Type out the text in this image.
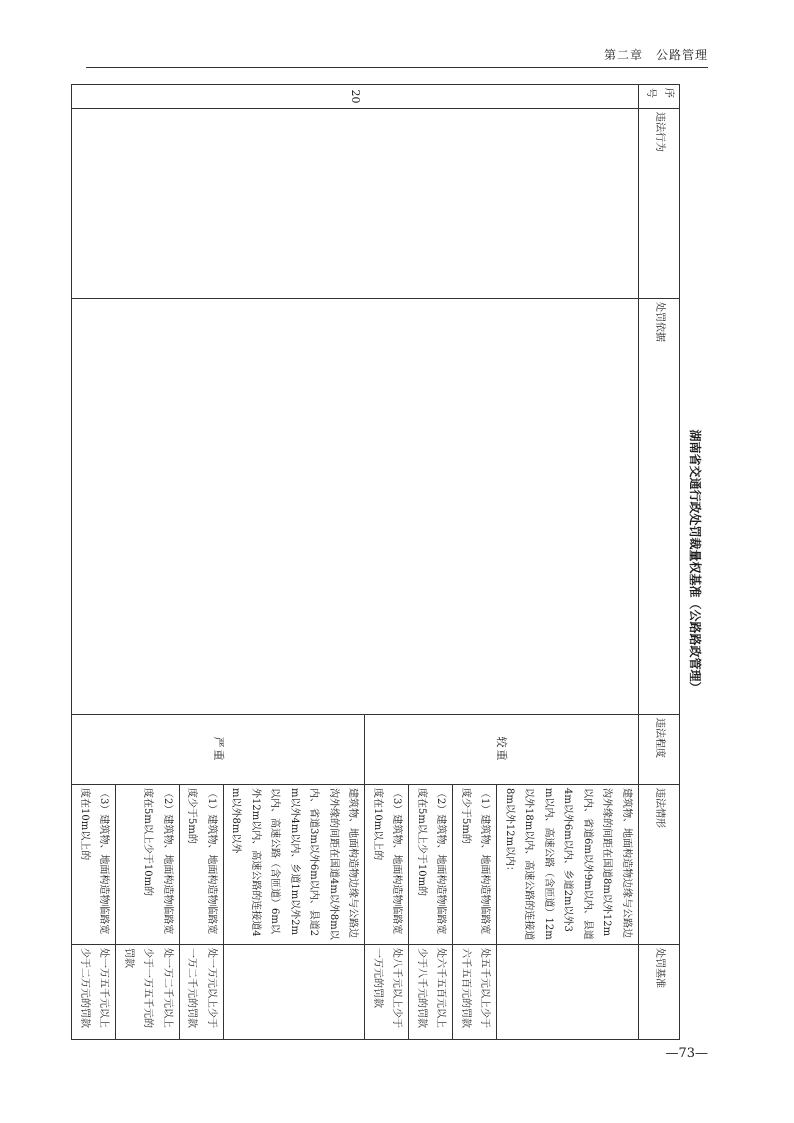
第二章　公路管理
湖南省交通行政处罚裁量权基准（公路路政管理）
序号	违法行为	处罚依据	违法程度	违法情形	处罚基准
20			较重	建筑物、地面构造物边缘与公路边沟外缘的间距在国道8m以外12m以内、省道6m以外9m以内、县道4m以外6m以内、乡道2m以外3m以内、高速公路（含匝道）12m以外18m以内、高速公路的连接道8m以外12m以内：	
				（1）建筑物、地面构造物临路宽度少于5m的	处五千元以上少于六千五百元的罚款
				（2）建筑物、地面构造物临路宽度在5m以上少于10m的	处六千五百元以上少于八千元的罚款
				（3）建筑物、地面构造物临路宽度在10m以上的	处八千元以上少于一万元的罚款
			严重	建筑物、地面构造物边缘与公路边沟外缘的间距在国道4m以外8m以内、省道3m以外6m以内、县道2m以外4m以内、乡道1m以外2m以内、高速公路（含匝道）6m以外12m以内、高速公路的连接道4m以外8m以外	
				（1）建筑物、地面构造物临路宽度少于5m的	处一万元以上少于一万二千元的罚款
				（2）建筑物、地面构造物临路宽度在5m以上少于10m的	处一万二千元以上少于一万五千元的罚款
				（3）建筑物、地面构造物临路宽度在10m以上的	处一万五千元以上少于二万元的罚款
—73—
